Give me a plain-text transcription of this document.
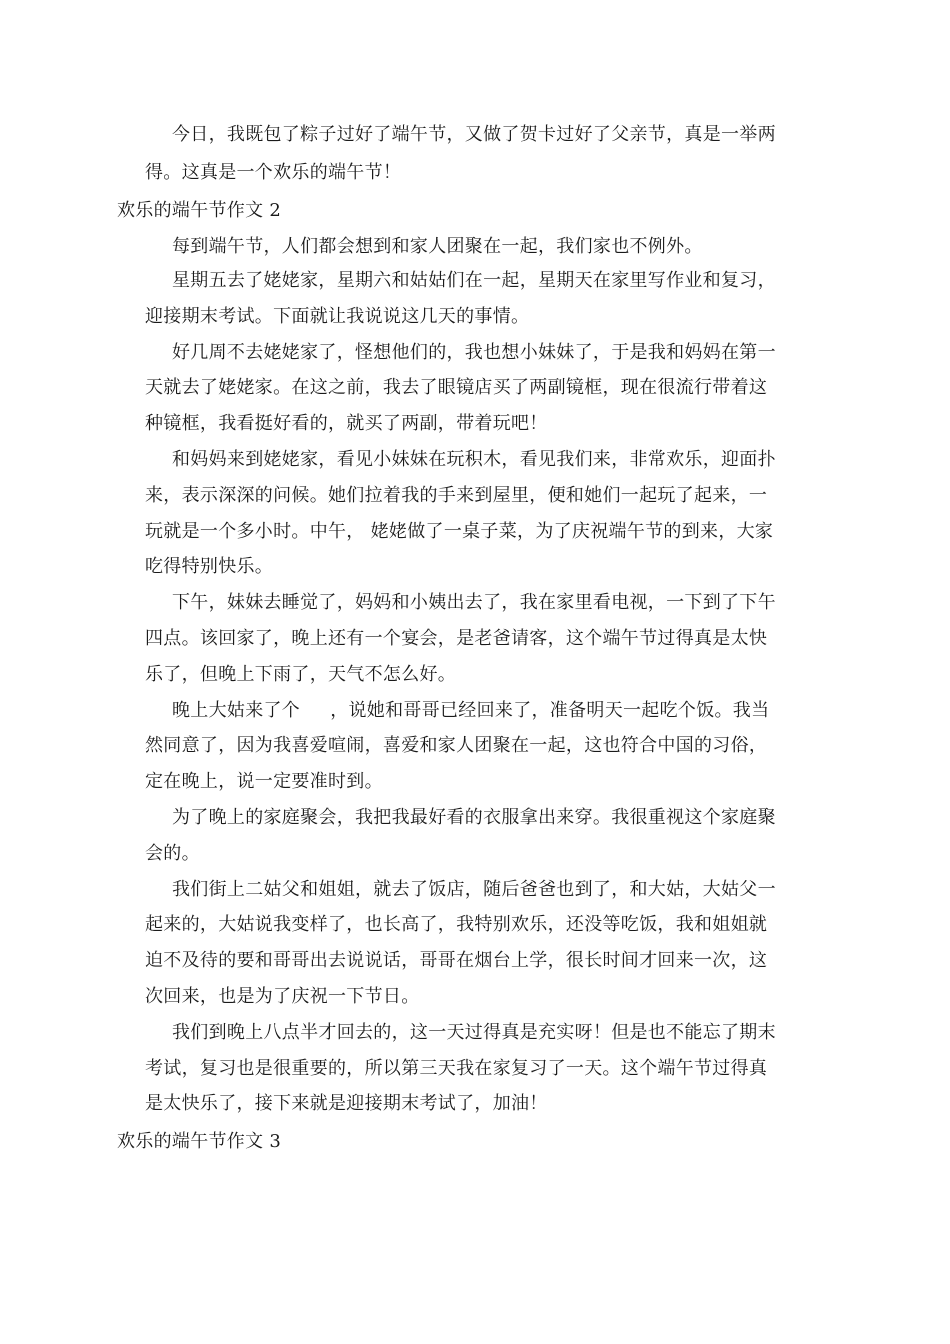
今日，我既包了粽子过好了端午节，又做了贺卡过好了父亲节，真是一举两
得。这真是一个欢乐的端午节！
欢乐的端午节作文 2
每到端午节，人们都会想到和家人团聚在一起，我们家也不例外。
星期五去了姥姥家，星期六和姑姑们在一起，星期天在家里写作业和复习，
迎接期末考试。下面就让我说说这几天的事情。
好几周不去姥姥家了，怪想他们的，我也想小妹妹了，于是我和妈妈在第一
天就去了姥姥家。在这之前，我去了眼镜店买了两副镜框，现在很流行带着这
种镜框，我看挺好看的，就买了两副，带着玩吧！
和妈妈来到姥姥家，看见小妹妹在玩积木，看见我们来，非常欢乐，迎面扑
来，表示深深的问候。她们拉着我的手来到屋里，便和她们一起玩了起来，一
玩就是一个多小时。中午， 姥姥做了一桌子菜，为了庆祝端午节的到来，大家
吃得特别快乐。
下午，妹妹去睡觉了，妈妈和小姨出去了，我在家里看电视，一下到了下午
四点。该回家了，晚上还有一个宴会，是老爸请客，这个端午节过得真是太快
乐了，但晚上下雨了，天气不怎么好。
晚上大姑来了个     ，说她和哥哥已经回来了，准备明天一起吃个饭。我当
然同意了，因为我喜爱喧闹，喜爱和家人团聚在一起，这也符合中国的习俗，
定在晚上，说一定要准时到。
为了晚上的家庭聚会，我把我最好看的衣服拿出来穿。我很重视这个家庭聚
会的。
我们街上二姑父和姐姐，就去了饭店，随后爸爸也到了，和大姑，大姑父一
起来的，大姑说我变样了，也长高了，我特别欢乐，还没等吃饭，我和姐姐就
迫不及待的要和哥哥出去说说话，哥哥在烟台上学，很长时间才回来一次，这
次回来，也是为了庆祝一下节日。
我们到晚上八点半才回去的，这一天过得真是充实呀！但是也不能忘了期末
考试，复习也是很重要的，所以第三天我在家复习了一天。这个端午节过得真
是太快乐了，接下来就是迎接期末考试了，加油！
欢乐的端午节作文 3
